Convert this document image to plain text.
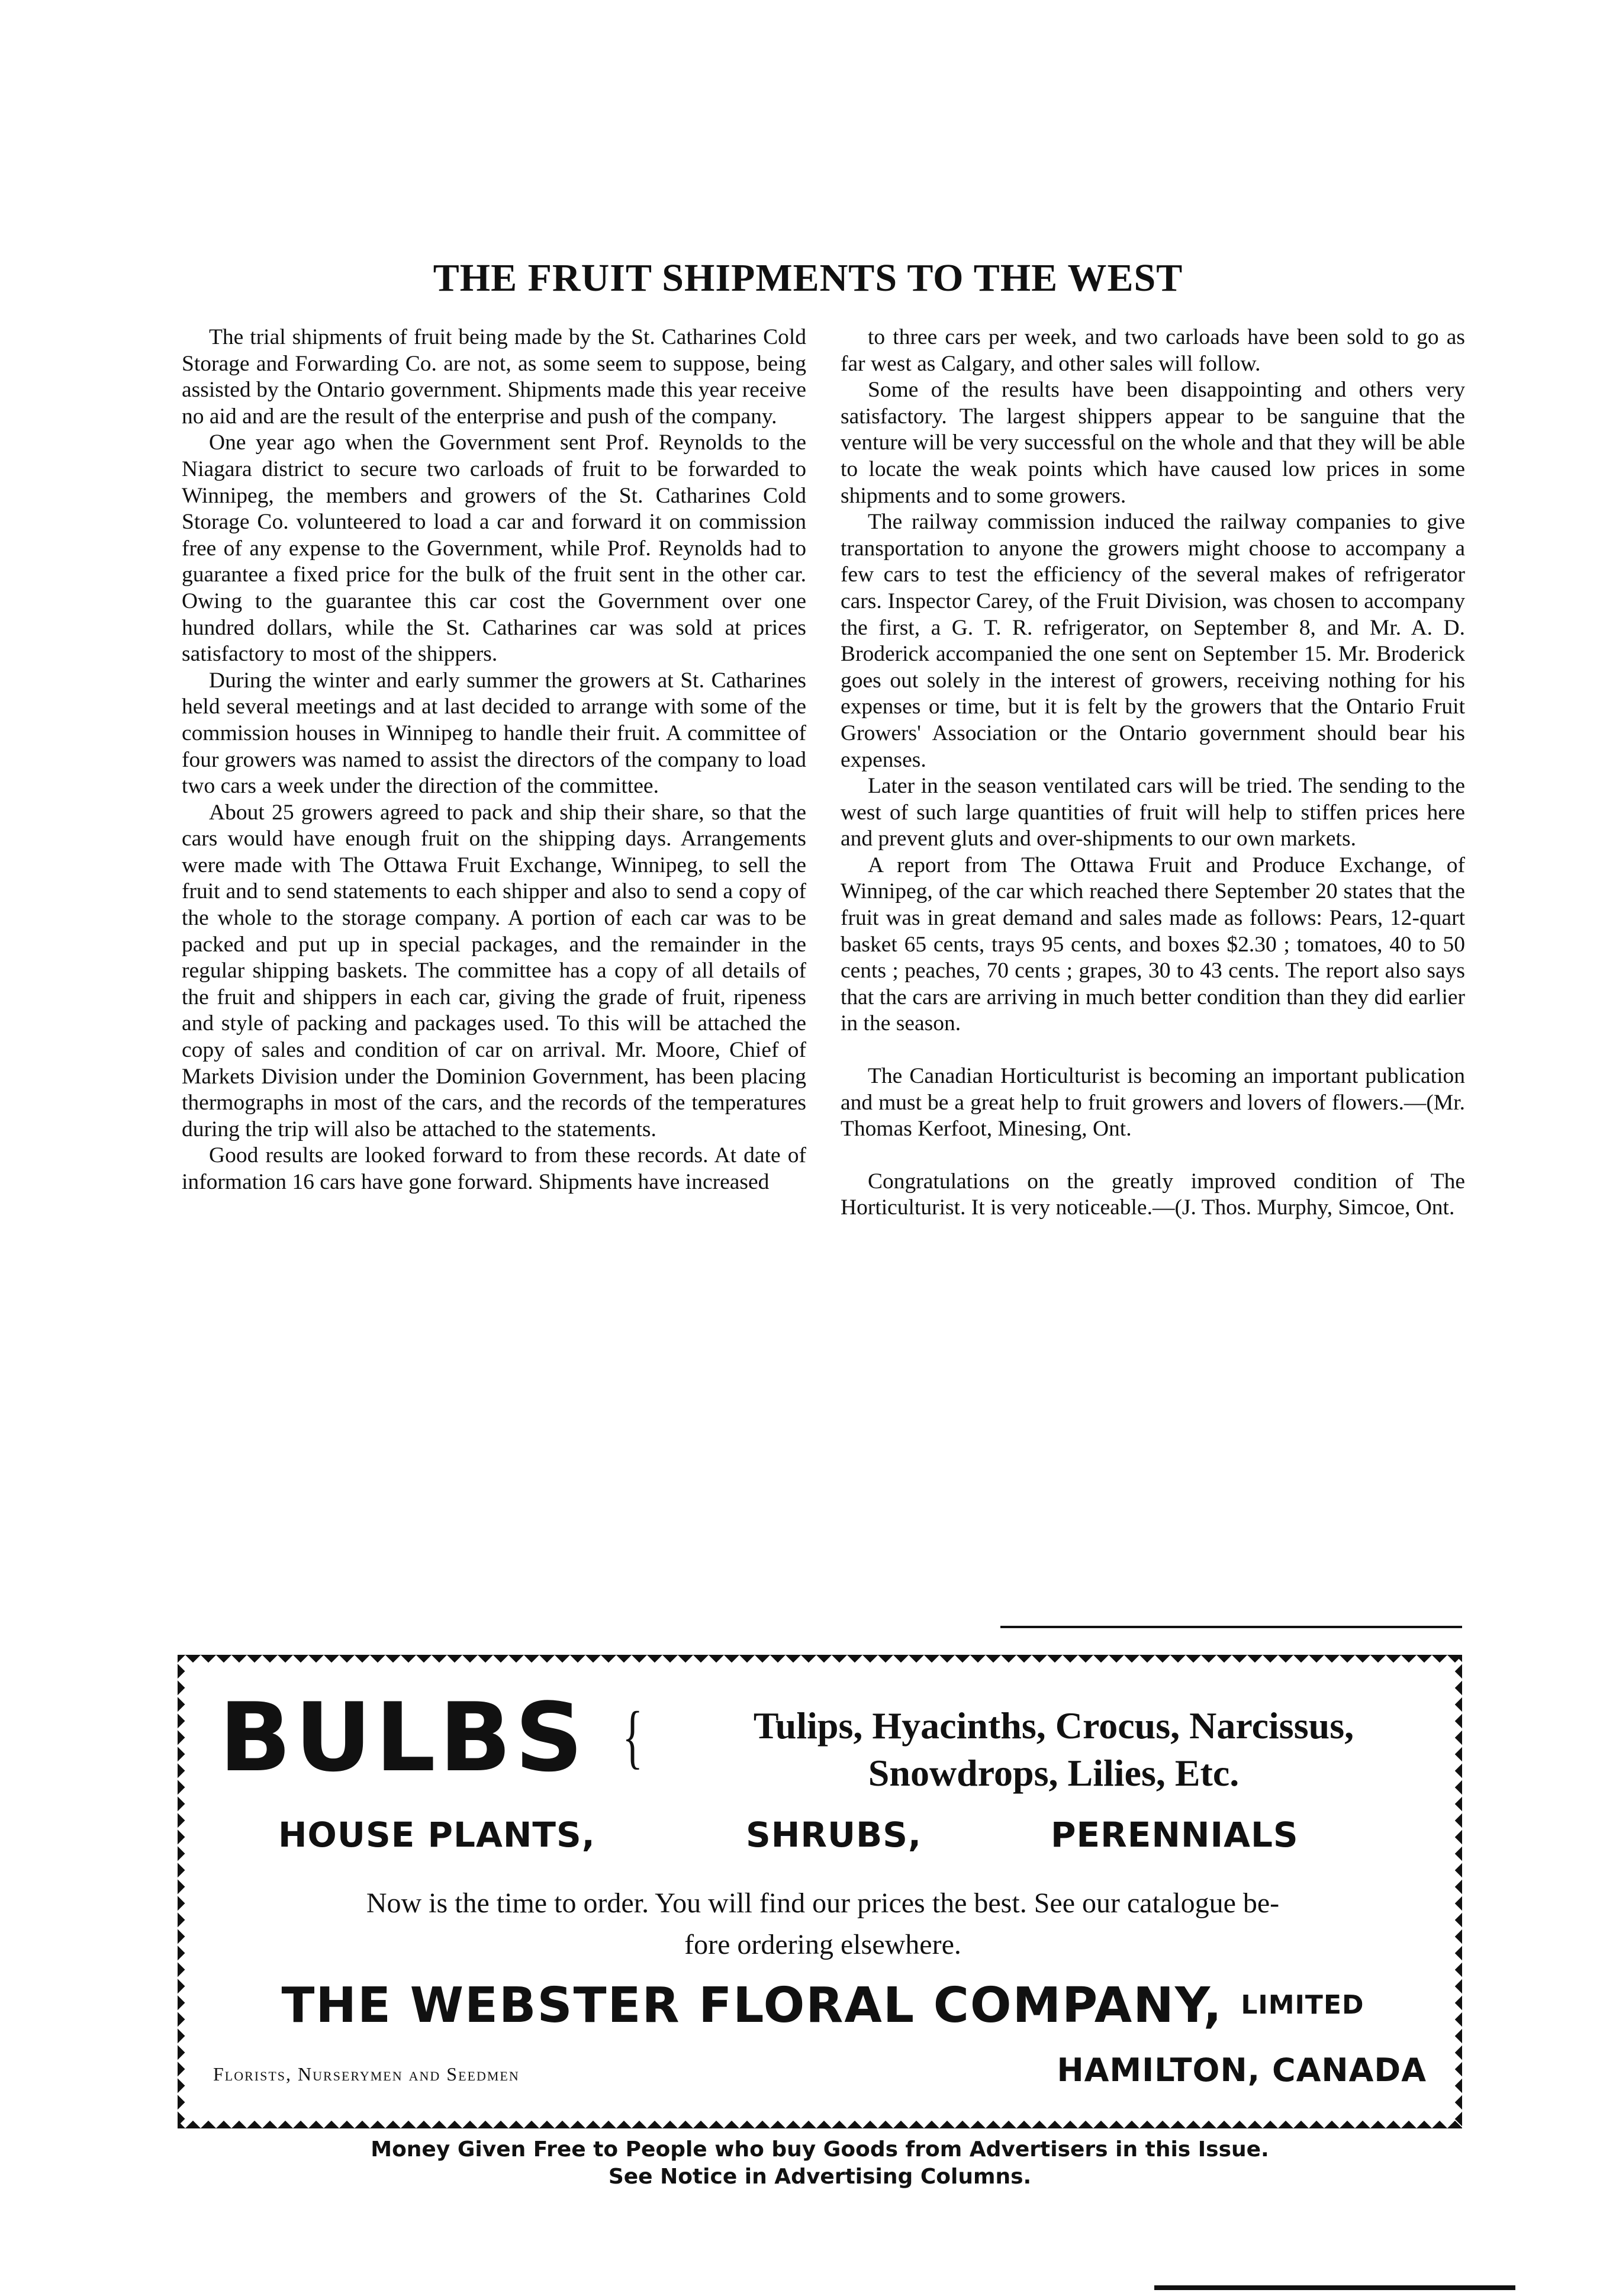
THE FRUIT SHIPMENTS TO THE WEST

The trial shipments of fruit being made by the St. Catharines Cold Storage and Forwarding Co. are not, as some seem to suppose, being assisted by the Ontario government. Shipments made this year receive no aid and are the result of the enterprise and push of the company.

One year ago when the Government sent Prof. Reynolds to the Niagara district to secure two carloads of fruit to be forwarded to Winnipeg, the members and growers of the St. Catharines Cold Storage Co. volunteered to load a car and forward it on commission free of any expense to the Government, while Prof. Reynolds had to guarantee a fixed price for the bulk of the fruit sent in the other car. Owing to the guarantee this car cost the Government over one hundred dollars, while the St. Catharines car was sold at prices satisfactory to most of the shippers.

During the winter and early summer the growers at St. Catharines held several meetings and at last decided to arrange with some of the commission houses in Winnipeg to handle their fruit. A committee of four growers was named to assist the directors of the company to load two cars a week under the direction of the committee.

About 25 growers agreed to pack and ship their share, so that the cars would have enough fruit on the shipping days. Arrangements were made with The Ottawa Fruit Exchange, Winnipeg, to sell the fruit and to send statements to each shipper and also to send a copy of the whole to the storage company. A portion of each car was to be packed and put up in special packages, and the remainder in the regular shipping baskets. The committee has a copy of all details of the fruit and shippers in each car, giving the grade of fruit, ripeness and style of packing and packages used. To this will be attached the copy of sales and condition of car on arrival. Mr. Moore, Chief of Markets Division under the Dominion Government, has been placing thermographs in most of the cars, and the records of the temperatures during the trip will also be attached to the statements.

Good results are looked forward to from these records. At date of information 16 cars have gone forward. Shipments have increased

to three cars per week, and two carloads have been sold to go as far west as Calgary, and other sales will follow.

Some of the results have been disappointing and others very satisfactory. The largest shippers appear to be sanguine that the venture will be very successful on the whole and that they will be able to locate the weak points which have caused low prices in some shipments and to some growers.

The railway commission induced the railway companies to give transportation to anyone the growers might choose to accompany a few cars to test the efficiency of the several makes of refrigerator cars. Inspector Carey, of the Fruit Division, was chosen to accompany the first, a G. T. R. refrigerator, on September 8, and Mr. A. D. Broderick accompanied the one sent on September 15. Mr. Broderick goes out solely in the interest of growers, receiving nothing for his expenses or time, but it is felt by the growers that the Ontario Fruit Growers' Association or the Ontario government should bear his expenses.

Later in the season ventilated cars will be tried. The sending to the west of such large quantities of fruit will help to stiffen prices here and prevent gluts and over-shipments to our own markets.

A report from The Ottawa Fruit and Produce Exchange, of Winnipeg, of the car which reached there September 20 states that the fruit was in great demand and sales made as follows: Pears, 12-quart basket 65 cents, trays 95 cents, and boxes $2.30 ; tomatoes, 40 to 50 cents ; peaches, 70 cents ; grapes, 30 to 43 cents. The report also says that the cars are arriving in much better condition than they did earlier in the season.

The Canadian Horticulturist is becoming an important publication and must be a great help to fruit growers and lovers of flowers.—(Mr. Thomas Kerfoot, Minesing, Ont.

Congratulations on the greatly improved condition of The Horticulturist. It is very noticeable.—(J. Thos. Murphy, Simcoe, Ont.

BULBS {	Tulips, Hyacinths, Crocus, Narcissus,
Snowdrops, Lilies, Etc.
HOUSE PLANTS,	SHRUBS,	PERENNIALS
Now is the time to order. You will find our prices the best. See our catalogue be-
fore ordering elsewhere.
THE WEBSTER FLORAL COMPANY, LIMITED
Florists, Nurserymen and Seedmen	HAMILTON, CANADA
Money Given Free to People who buy Goods from Advertisers in this Issue.
See Notice in Advertising Columns.
